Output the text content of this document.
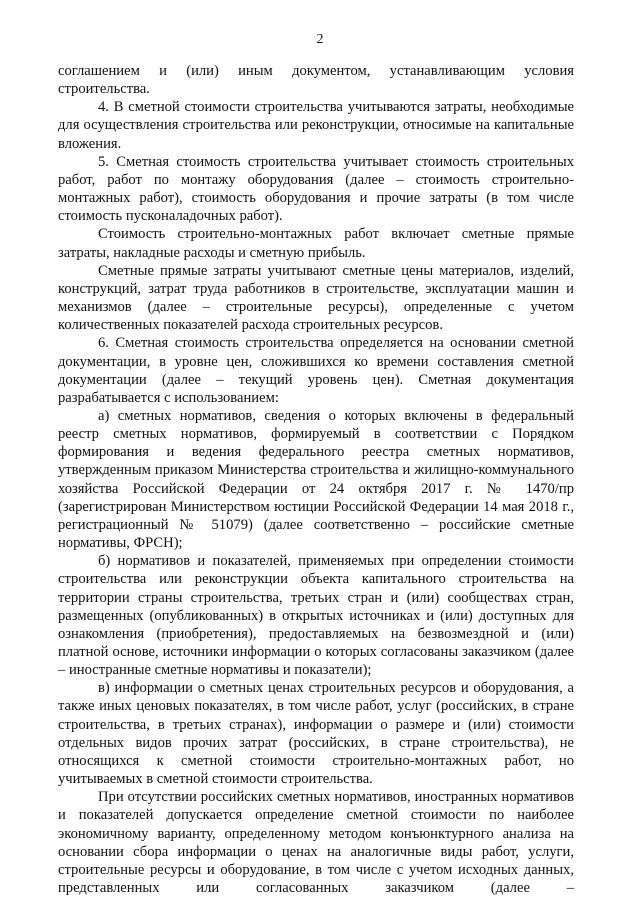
2

соглашением и (или) иным документом, устанавливающим условия строительства.

4. В сметной стоимости строительства учитываются затраты, необходимые для осуществления строительства или реконструкции, относимые на капитальные вложения.

5. Сметная стоимость строительства учитывает стоимость строительных работ, работ по монтажу оборудования (далее – стоимость строительно-монтажных работ), стоимость оборудования и прочие затраты (в том числе стоимость пусконаладочных работ).

Стоимость строительно-монтажных работ включает сметные прямые затраты, накладные расходы и сметную прибыль.

Сметные прямые затраты учитывают сметные цены материалов, изделий, конструкций, затрат труда работников в строительстве, эксплуатации машин и механизмов (далее – строительные ресурсы), определенные с учетом количественных показателей расхода строительных ресурсов.

6. Сметная стоимость строительства определяется на основании сметной документации, в уровне цен, сложившихся ко времени составления сметной документации (далее – текущий уровень цен). Сметная документация разрабатывается с использованием:

а) сметных нормативов, сведения о которых включены в федеральный реестр сметных нормативов, формируемый в соответствии с Порядком формирования и ведения федерального реестра сметных нормативов, утвержденным приказом Министерства строительства и жилищно-коммунального хозяйства Российской Федерации от 24 октября 2017 г. № 1470/пр (зарегистрирован Министерством юстиции Российской Федерации 14 мая 2018 г., регистрационный № 51079) (далее соответственно – российские сметные нормативы, ФРСН);

б) нормативов и показателей, применяемых при определении стоимости строительства или реконструкции объекта капитального строительства на территории страны строительства, третьих стран и (или) сообществах стран, размещенных (опубликованных) в открытых источниках и (или) доступных для ознакомления (приобретения), предоставляемых на безвозмездной и (или) платной основе, источники информации о которых согласованы заказчиком (далее – иностранные сметные нормативы и показатели);

в) информации о сметных ценах строительных ресурсов и оборудования, а также иных ценовых показателях, в том числе работ, услуг (российских, в стране строительства, в третьих странах), информации о размере и (или) стоимости отдельных видов прочих затрат (российских, в стране строительства), не относящихся к сметной стоимости строительно-монтажных работ, но учитываемых в сметной стоимости строительства.

При отсутствии российских сметных нормативов, иностранных нормативов и показателей допускается определение сметной стоимости по наиболее экономичному варианту, определенному методом конъюнктурного анализа на основании сбора информации о ценах на аналогичные виды работ, услуги, строительные ресурсы и оборудование, в том числе с учетом исходных данных, представленных или согласованных заказчиком (далее –
